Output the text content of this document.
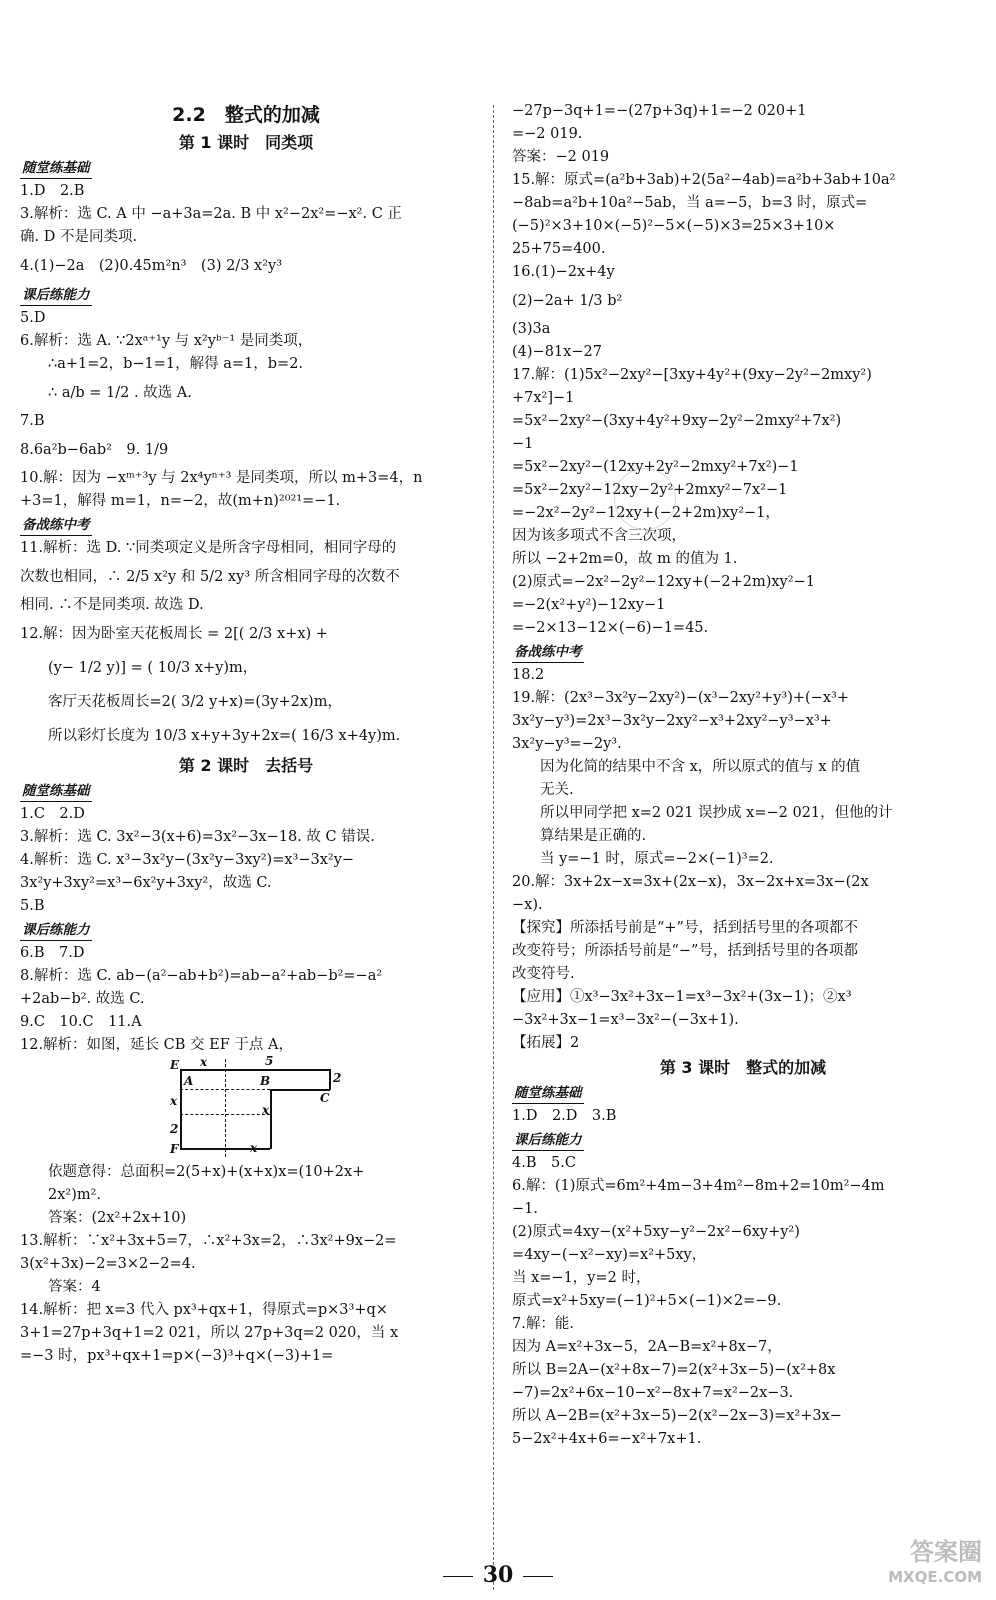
2.2　整式的加减
第 1 课时　同类项
随堂练基础
1.D　2.B
3.解析：选 C. A 中 −a+3a=2a. B 中 x²−2x²=−x². C 正
确. D 不是同类项.
4.(1)−2a　(2)0.45m²n³　(3) 2/3 x²y³
课后练能力
5.D
6.解析：选 A. ∵2xᵃ⁺¹y 与 x²yᵇ⁻¹ 是同类项，
∴a+1=2，b−1=1，解得 a=1，b=2.
∴ a/b = 1/2 . 故选 A.
7.B
8.6a²b−6ab²　9. 1/9
10.解：因为 −xᵐ⁺³y 与 2x⁴yⁿ⁺³ 是同类项，所以 m+3=4，n
+3=1，解得 m=1，n=−2，故(m+n)²⁰²¹=−1.
备战练中考
11.解析：选 D. ∵同类项定义是所含字母相同，相同字母的
次数也相同，∴ 2/5 x²y 和 5/2 xy³ 所含相同字母的次数不
相同. ∴不是同类项. 故选 D.
12.解：因为卧室天花板周长 = 2[( 2/3 x+x) +
(y− 1/2 y)] = ( 10/3 x+y)m，
客厅天花板周长=2( 3/2 y+x)=(3y+2x)m，
所以彩灯长度为 10/3 x+y+3y+2x=( 16/3 x+4y)m.
第 2 课时　去括号
随堂练基础
1.C　2.D
3.解析：选 C. 3x²−3(x+6)=3x²−3x−18. 故 C 错误.
4.解析：选 C. x³−3x²y−(3x²y−3xy²)=x³−3x²y−
3x²y+3xy²=x³−6x²y+3xy²，故选 C.
5.B
课后练能力
6.B　7.D
8.解析：选 C. ab−(a²−ab+b²)=ab−a²+ab−b²=−a²
+2ab−b². 故选 C.
9.C　10.C　11.A
12.解析：如图，延长 CB 交 EF 于点 A，
E x	5
A	B	2
C
x
x
2
F	x
依题意得：总面积=2(5+x)+(x+x)x=(10+2x+
2x²)m².
答案：(2x²+2x+10)
13.解析：∵x²+3x+5=7，∴x²+3x=2，∴3x²+9x−2=
3(x²+3x)−2=3×2−2=4.
答案：4
14.解析：把 x=3 代入 px³+qx+1，得原式=p×3³+q×
3+1=27p+3q+1=2 021，所以 27p+3q=2 020，当 x
=−3 时，px³+qx+1=p×(−3)³+q×(−3)+1=
−27p−3q+1=−(27p+3q)+1=−2 020+1
=−2 019.
答案：−2 019
15.解：原式=(a²b+3ab)+2(5a²−4ab)=a²b+3ab+10a²
−8ab=a²b+10a²−5ab，当 a=−5，b=3 时，原式=
(−5)²×3+10×(−5)²−5×(−5)×3=25×3+10×
25+75=400.
16.(1)−2x+4y
(2)−2a+ 1/3 b²
(3)3a
(4)−81x−27
17.解：(1)5x²−2xy²−[3xy+4y²+(9xy−2y²−2mxy²)
+7x²]−1
=5x²−2xy²−(3xy+4y²+9xy−2y²−2mxy²+7x²)
−1
=5x²−2xy²−(12xy+2y²−2mxy²+7x²)−1
=5x²−2xy²−12xy−2y²+2mxy²−7x²−1
=−2x²−2y²−12xy+(−2+2m)xy²−1，
因为该多项式不含三次项，
所以 −2+2m=0，故 m 的值为 1.
(2)原式=−2x²−2y²−12xy+(−2+2m)xy²−1
=−2(x²+y²)−12xy−1
=−2×13−12×(−6)−1=45.
备战练中考
18.2
19.解：(2x³−3x²y−2xy²)−(x³−2xy²+y³)+(−x³+
3x²y−y³)=2x³−3x²y−2xy²−x³+2xy²−y³−x³+
3x²y−y³=−2y³.
因为化简的结果中不含 x，所以原式的值与 x 的值
无关.
所以甲同学把 x=2 021 误抄成 x=−2 021，但他的计
算结果是正确的.
当 y=−1 时，原式=−2×(−1)³=2.
20.解：3x+2x−x=3x+(2x−x)，3x−2x+x=3x−(2x
−x).
【探究】所添括号前是“+”号，括到括号里的各项都不
改变符号；所添括号前是“−”号，括到括号里的各项都
改变符号.
【应用】①x³−3x²+3x−1=x³−3x²+(3x−1)；②x³
−3x²+3x−1=x³−3x²−(−3x+1).
【拓展】2
第 3 课时　整式的加减
随堂练基础
1.D　2.D　3.B
课后练能力
4.B　5.C
6.解：(1)原式=6m²+4m−3+4m²−8m+2=10m²−4m
−1.
(2)原式=4xy−(x²+5xy−y²−2x²−6xy+y²)
=4xy−(−x²−xy)=x²+5xy，
当 x=−1，y=2 时，
原式=x²+5xy=(−1)²+5×(−1)×2=−9.
7.解：能.
因为 A=x²+3x−5，2A−B=x²+8x−7，
所以 B=2A−(x²+8x−7)=2(x²+3x−5)−(x²+8x
−7)=2x²+6x−10−x²−8x+7=x²−2x−3.
所以 A−2B=(x²+3x−5)−2(x²−2x−3)=x²+3x−
5−2x²+4x+6=−x²+7x+1.
30
答案圈
MXQE.COM
